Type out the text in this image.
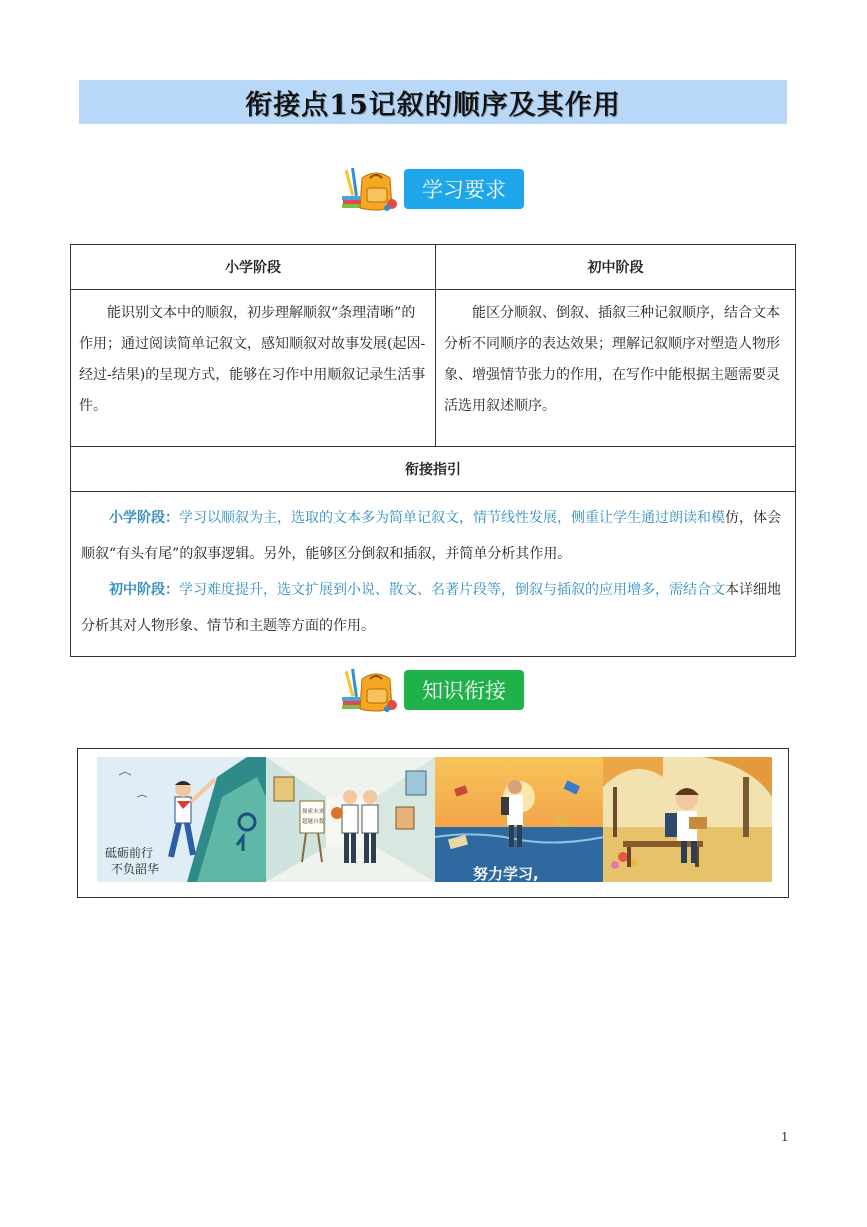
衔接点15记叙的顺序及其作用
学习要求
小学阶段	初中阶段

能识别文本中的顺叙，初步理解顺叙“条理清晰”的作用；通过阅读简单记叙文，感知顺叙对故事发展(起因-经过-结果)的呈现方式，能够在习作中用顺叙记录生活事件。	能区分顺叙、倒叙、插叙三种记叙顺序，结合文本分析不同顺序的表达效果；理解记叙顺序对塑造人物形象、增强情节张力的作用，在写作中能根据主题需要灵活选用叙述顺序。

衔接指引	

小学阶段：学习以顺叙为主，选取的文本多为简单记叙文，情节线性发展，侧重让学生通过朗读和模仿，体会顺叙“有头有尾”的叙事逻辑。另外，能够区分倒叙和插叙，并简单分析其作用。

初中阶段：学习难度提升，选文扩展到小说、散文、名著片段等，倒叙与插叙的应用增多，需结合文本详细地分析其对人物形象、情节和主题等方面的作用。	

知识衔接
砥砺前行
不负韶华
探索未来
超越自我
努力学习,
1
